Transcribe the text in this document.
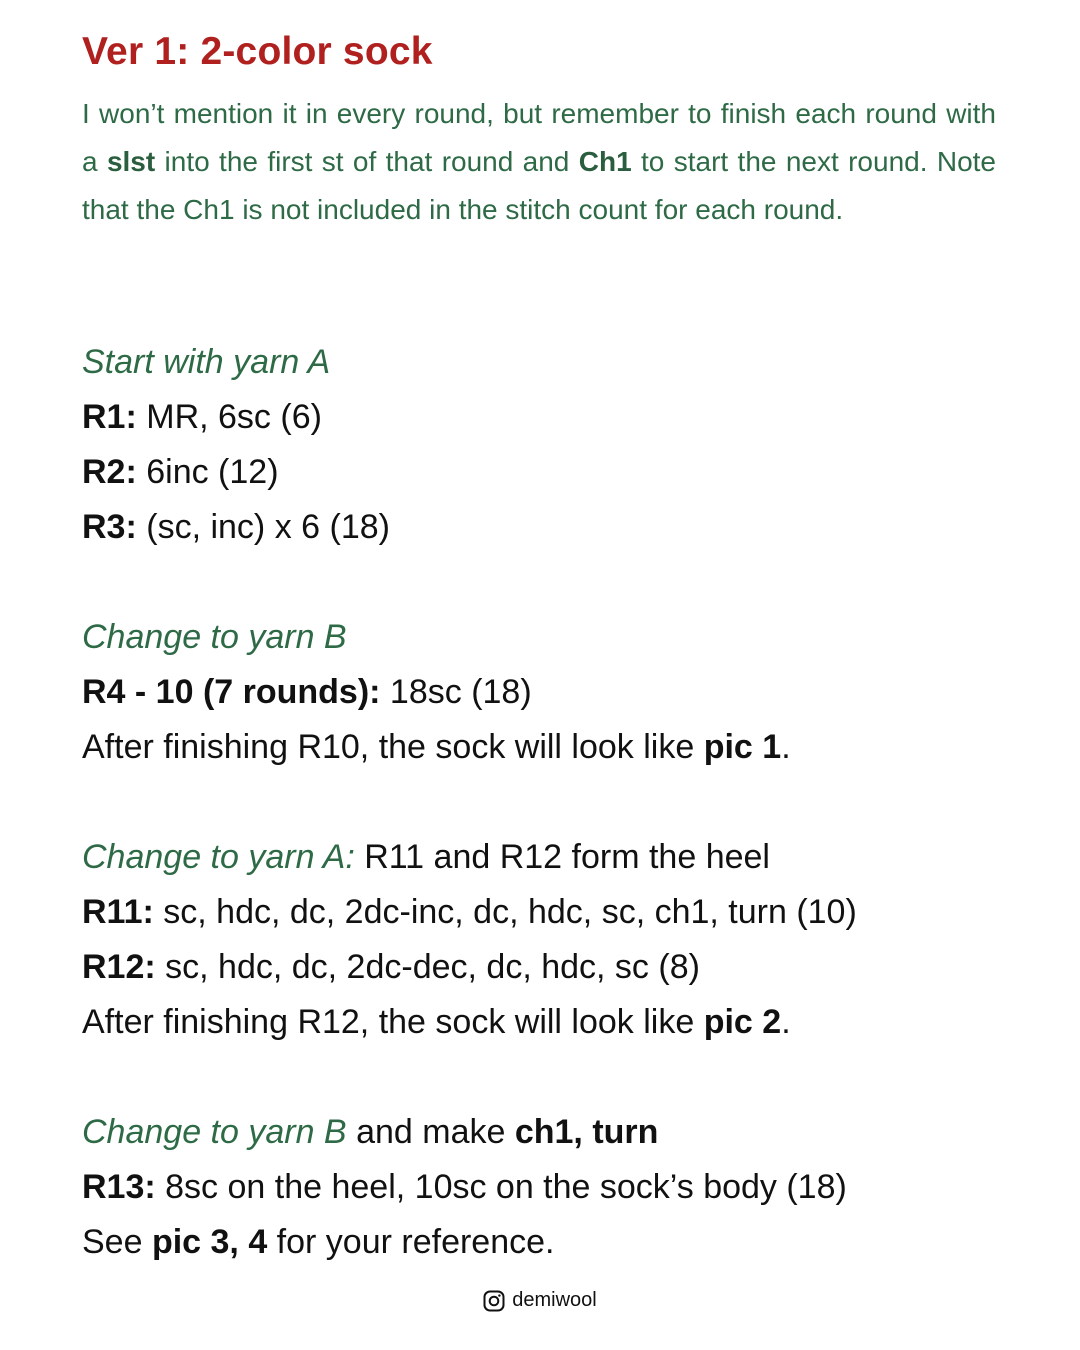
Ver 1: 2-color sock

I won’t mention it in every round, but remember to finish each round with a slst into the first st of that round and Ch1 to start the next round. Note that the Ch1 is not included in the stitch count for each round.

Start with yarn A
R1: MR, 6sc (6)
R2: 6inc (12)
R3: (sc, inc) x 6 (18)
Change to yarn B
R4 - 10 (7 rounds): 18sc (18)
After finishing R10, the sock will look like pic 1.
Change to yarn A: R11 and R12 form the heel
R11: sc, hdc, dc, 2dc-inc, dc, hdc, sc, ch1, turn (10)
R12: sc, hdc, dc, 2dc-dec, dc, hdc, sc (8)
After finishing R12, the sock will look like pic 2.
Change to yarn B and make ch1, turn
R13: 8sc on the heel, 10sc on the sock’s body (18)
See pic 3, 4 for your reference.
demiwool
